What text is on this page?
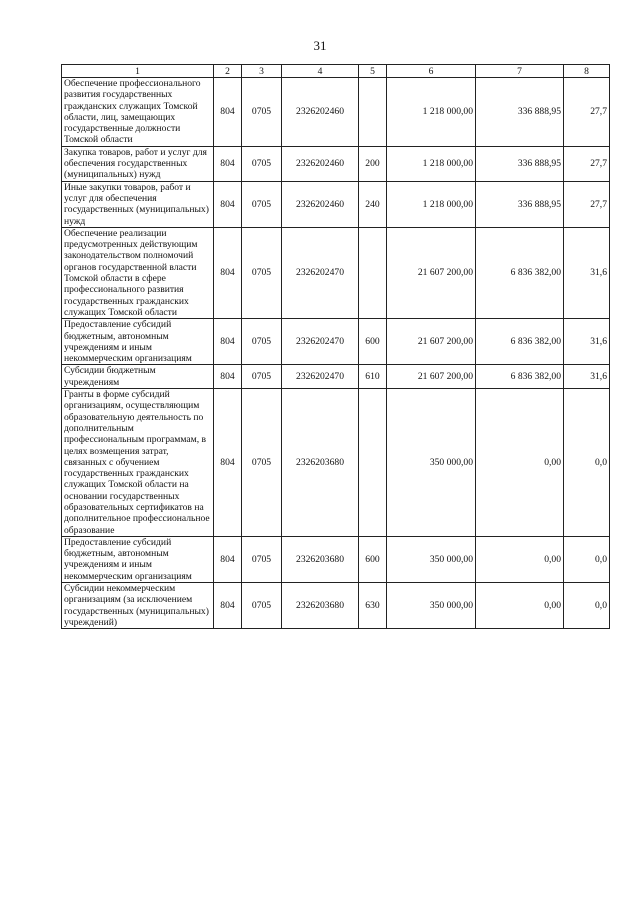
31
1	2	3	4	5	6	7	8
Обеспечение профессионального развития государственных гражданских служащих Томской области, лиц, замещающих государственные должности Томской области	804	0705	2326202460		1 218 000,00	336 888,95	27,7
Закупка товаров, работ и услуг для обеспечения государственных (муниципальных) нужд	804	0705	2326202460	200	1 218 000,00	336 888,95	27,7
Иные закупки товаров, работ и услуг для обеспечения государственных (муниципальных) нужд	804	0705	2326202460	240	1 218 000,00	336 888,95	27,7
Обеспечение реализации предусмотренных действующим законодательством полномочий органов государственной власти Томской области в сфере профессионального развития государственных гражданских служащих Томской области	804	0705	2326202470		21 607 200,00	6 836 382,00	31,6
Предоставление субсидий бюджетным, автономным учреждениям и иным некоммерческим организациям	804	0705	2326202470	600	21 607 200,00	6 836 382,00	31,6
Субсидии бюджетным учреждениям	804	0705	2326202470	610	21 607 200,00	6 836 382,00	31,6
Гранты в форме субсидий организациям, осуществляющим образовательную деятельность по дополнительным профессиональным программам, в целях возмещения затрат, связанных с обучением государственных гражданских служащих Томской области на основании государственных образовательных сертификатов на дополнительное профессиональное образование	804	0705	2326203680		350 000,00	0,00	0,0
Предоставление субсидий бюджетным, автономным учреждениям и иным некоммерческим организациям	804	0705	2326203680	600	350 000,00	0,00	0,0
Субсидии некоммерческим организациям (за исключением государственных (муниципальных) учреждений)	804	0705	2326203680	630	350 000,00	0,00	0,0
